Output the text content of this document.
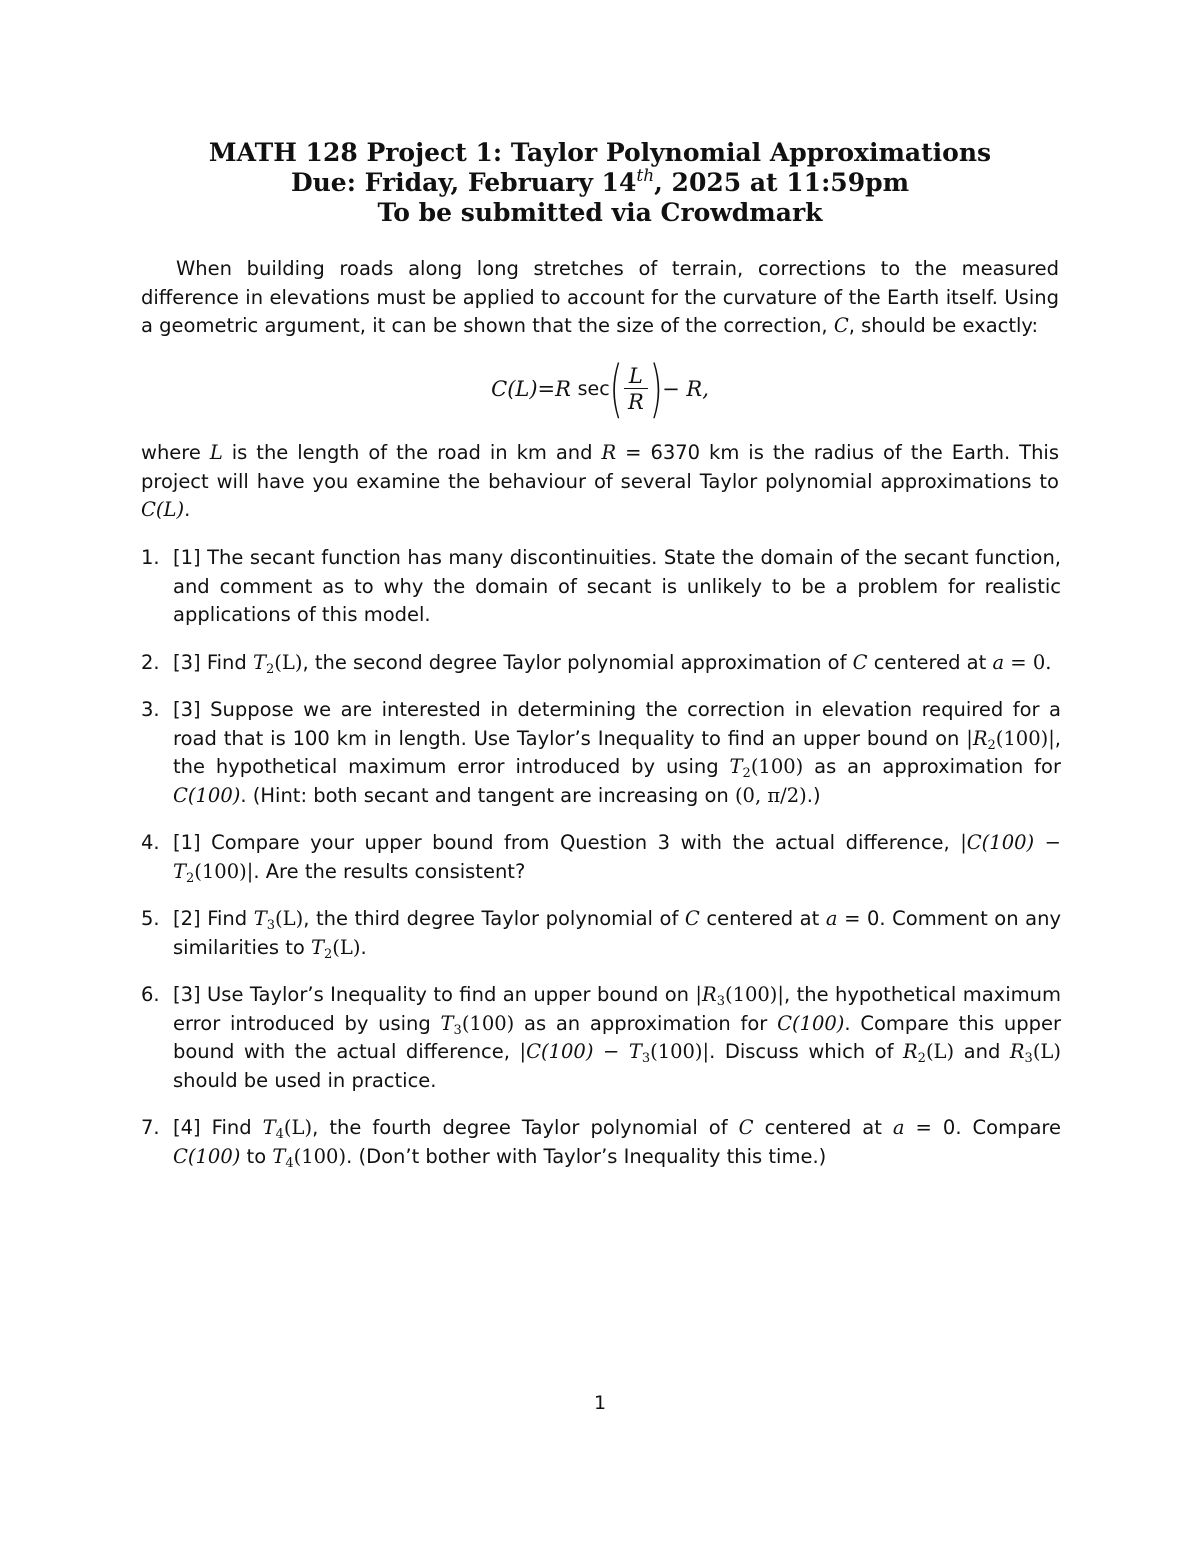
MATH 128 Project 1: Taylor Polynomial Approximations
Due: Friday, February 14th, 2025 at 11:59pm
To be submitted via Crowdmark
When building roads along long stretches of terrain, corrections to the measured difference in elevations must be applied to account for the curvature of the Earth itself. Using a geometric argument, it can be shown that the size of the correction, C, should be exactly:
C (L) = R
sec ( $\frac{L}{R}$ ) − R,
where L is the length of the road in km and R = 6370 km is the radius of the Earth. This project will have you examine the behaviour of several Taylor polynomial approximations to C(L).
1. [1] The secant function has many discontinuities. State the domain of the secant function, and comment as to why the domain of secant is unlikely to be a problem for realistic applications of this model.
2. [3] Find $T_2(L)$, the second degree Taylor polynomial approximation of C centered at a = 0.
3. [3] Suppose we are interested in determining the correction in elevation required for a road that is 100 km in length. Use Taylor’s Inequality to find an upper bound on $|R_2(100)|$, the hypothetical maximum error introduced by using $T_2(100)$ as an approximation for C(100). (Hint: both secant and tangent are increasing on (0, π/2).)
4. [1] Compare your upper bound from Question 3 with the actual difference, $|C(100) - T_2(100)|$. Are the results consistent?
5. [2] Find $T_3(L)$, the third degree Taylor polynomial of C centered at a = 0. Comment on any similarities to $T_2(L)$.
6. [3] Use Taylor’s Inequality to find an upper bound on $|R_3(100)|$, the hypothetical maximum error introduced by using $T_3(100)$ as an approximation for C(100). Compare this upper bound with the actual difference, $|C(100) - T_3(100)|$. Discuss which of $R_2(L)$ and $R_3(L)$ should be used in practice.
7. [4] Find $T_4(L)$, the fourth degree Taylor polynomial of C centered at a = 0. Compare C(100) to $T_4(100)$. (Don’t bother with Taylor’s Inequality this time.)
1
